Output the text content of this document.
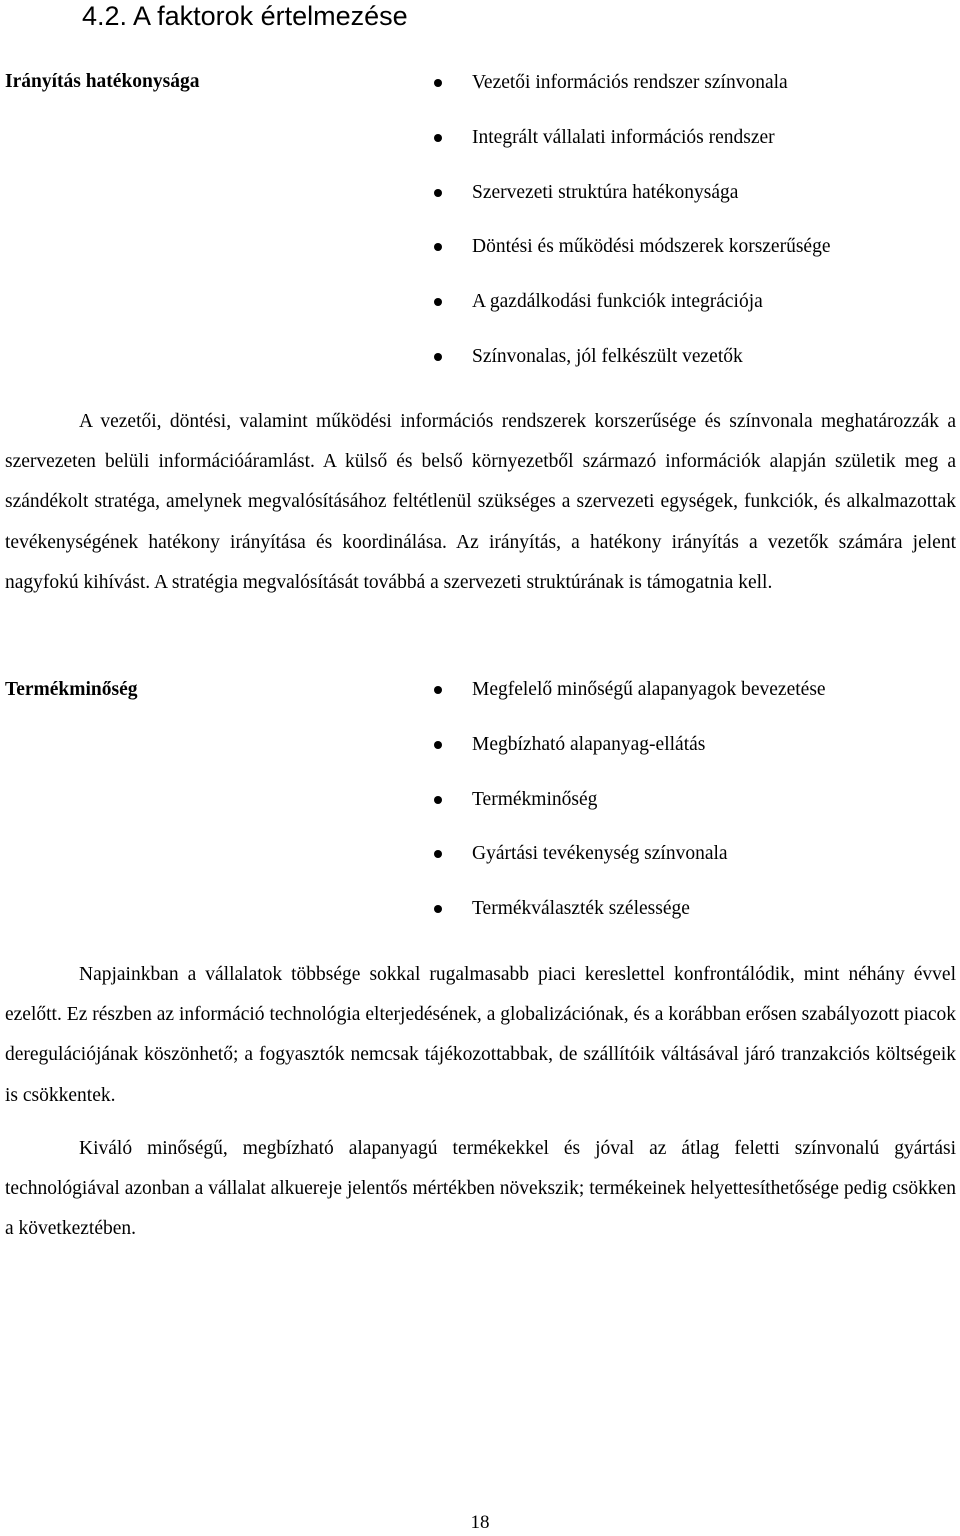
4.2. A faktorok értelmezése
Irányítás hatékonysága	Vezetői információs rendszer színvonala
Integrált vállalati információs rendszer
Szervezeti struktúra hatékonysága
Döntési és működési módszerek korszerűsége
A gazdálkodási funkciók integrációja
Színvonalas, jól felkészült vezetők

A vezetői, döntési, valamint működési információs rendszerek korszerűsége és színvonala meghatározzák a szervezeten belüli információáramlást. A külső és belső környezetből származó információk alapján születik meg a szándékolt stratéga, amelynek megvalósításához feltétlenül szükséges a szervezeti egységek, funkciók, és alkalmazottak tevékenységének hatékony irányítása és koordinálása. Az irányítás, a hatékony irányítás a vezetők számára jelent nagyfokú kihívást. A stratégia megvalósítását továbbá a szervezeti struktúrának is támogatnia kell.

Termékminőség	Megfelelő minőségű alapanyagok bevezetése
Megbízható alapanyag-ellátás
Termékminőség
Gyártási tevékenység színvonala
Termékválaszték szélessége

Napjainkban a vállalatok többsége sokkal rugalmasabb piaci kereslettel konfrontálódik, mint néhány évvel ezelőtt. Ez részben az információ technológia elterjedésének, a globalizációnak, és a korábban erősen szabályozott piacok deregulációjának köszönhető; a fogyasztók nemcsak tájékozottabbak, de szállítóik váltásával járó tranzakciós költségeik is csökkentek.

Kiváló minőségű, megbízható alapanyagú termékekkel és jóval az átlag feletti színvonalú gyártási technológiával azonban a vállalat alkuereje jelentős mértékben növekszik; termékeinek helyettesíthetősége pedig csökken a következtében.

18
